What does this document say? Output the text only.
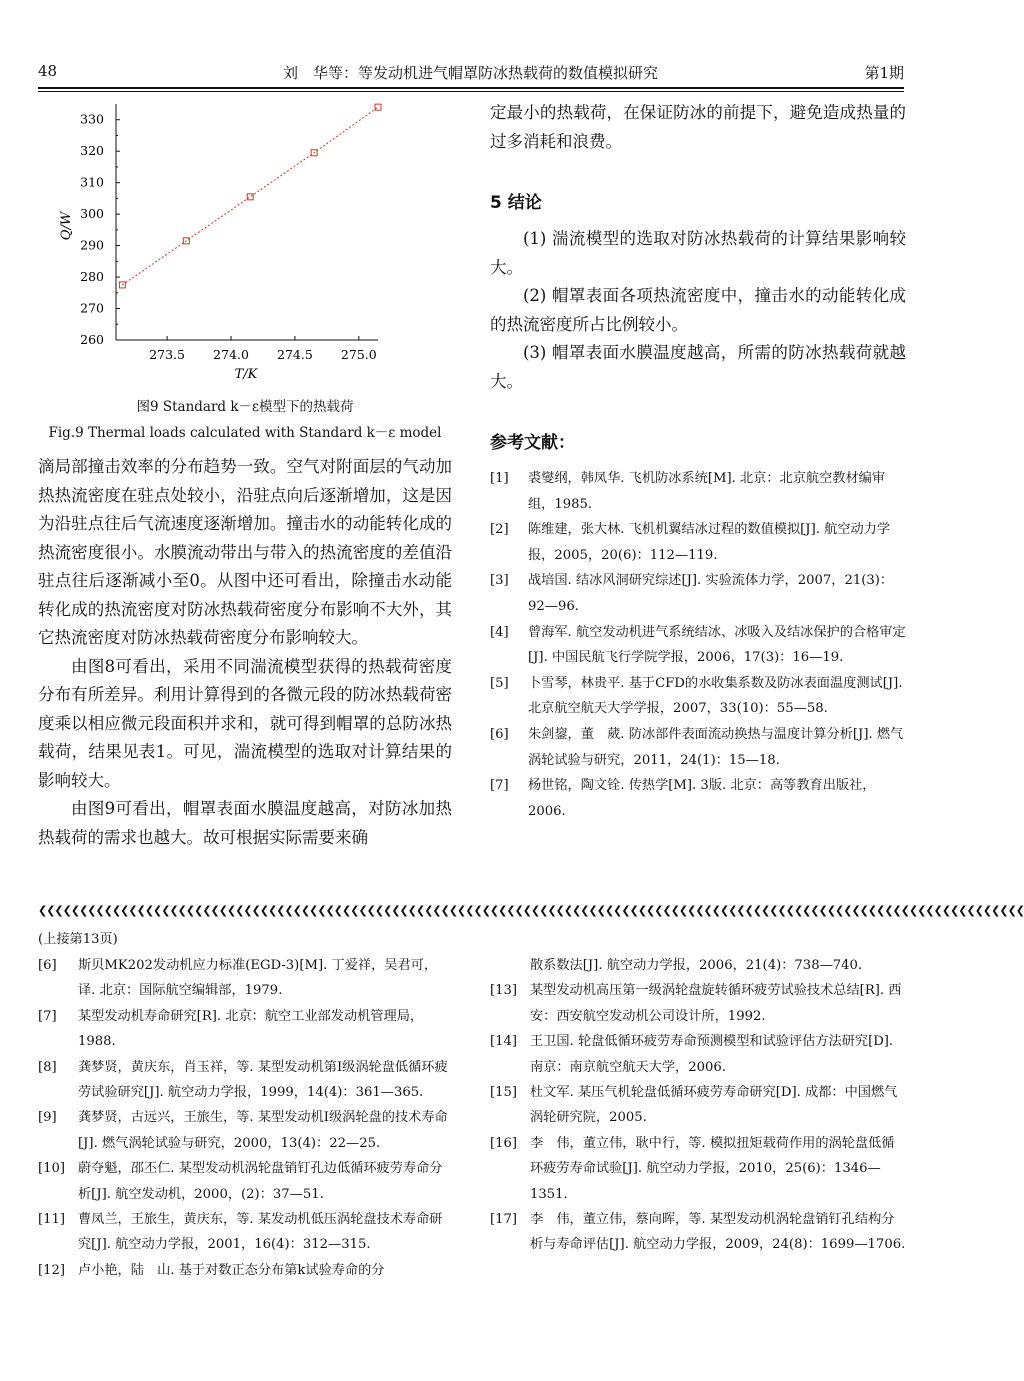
48	刘　华等：等发动机进气帽罩防冰热载荷的数值模拟研究	第1期
260
270
280
290
300
310
320
330
273.5 274.0 274.5 275.0
Q/W
T/K
图9 Standard k－ε模型下的热载荷
Fig.9 Thermal loads calculated with Standard k－ε model

滴局部撞击效率的分布趋势一致。空气对附面层的气动加热热流密度在驻点处较小，沿驻点向后逐渐增加，这是因为沿驻点往后气流速度逐渐增加。撞击水的动能转化成的热流密度很小。水膜流动带出与带入的热流密度的差值沿驻点往后逐渐减小至0。从图中还可看出，除撞击水动能转化成的热流密度对防冰热载荷密度分布影响不大外，其它热流密度对防冰热载荷密度分布影响较大。

由图8可看出，采用不同湍流模型获得的热载荷密度分布有所差异。利用计算得到的各微元段的防冰热载荷密度乘以相应微元段面积并求和，就可得到帽罩的总防冰热载荷，结果见表1。可见，湍流模型的选取对计算结果的影响较大。

由图9可看出，帽罩表面水膜温度越高，对防冰加热热载荷的需求也越大。故可根据实际需要来确

定最小的热载荷，在保证防冰的前提下，避免造成热量的过多消耗和浪费。

5 结论

(1) 湍流模型的选取对防冰热载荷的计算结果影响较大。

(2) 帽罩表面各项热流密度中，撞击水的动能转化成的热流密度所占比例较小。

(3) 帽罩表面水膜温度越高，所需的防冰热载荷就越大。

参考文献：
[1]	裘燮纲，韩凤华. 飞机防冰系统[M]. 北京：北京航空教材编审组，1985.
[2]	陈维建，张大林. 飞机机翼结冰过程的数值模拟[J]. 航空动力学报，2005，20(6)：112—119.
[3]	战培国. 结冰风洞研究综述[J]. 实验流体力学，2007，21(3)：92—96.
[4]	曾海军. 航空发动机进气系统结冰、冰吸入及结冰保护的合格审定[J]. 中国民航飞行学院学报，2006，17(3)：16—19.
[5]	卜雪琴，林贵平. 基于CFD的水收集系数及防冰表面温度测试[J]. 北京航空航天大学学报，2007，33(10)：55—58.
[6]	朱剑鋆，董　葳. 防冰部件表面流动换热与温度计算分析[J]. 燃气涡轮试验与研究，2011，24(1)：15—18.
[7]	杨世铭，陶文铨. 传热学[M]. 3版. 北京：高等教育出版社，2006.
❮❮❮❮❮❮❮❮❮❮❮❮❮❮❮❮❮❮❮❮❮❮❮❮❮❮❮❮❮❮❮❮❮❮❮❮❮❮❮❮❮❮❮❮❮❮❮❮❮❮❮❮❮❮❮❮❮❮❮❮❮❮❮❮❮❮❮❮❮❮❮❮❮❮❮❮❮❮❮❮❮❮❮❮❮❮❮❮❮❮❮❮❮❮❮❮❮❮❮❮❮❮❮❮❮❮❮❮❮❮❮❮❮❮❮❮❮❮❮❮
(上接第13页)
[6]	斯贝MK202发动机应力标准(EGD-3)[M]. 丁爱祥，吴君可，译. 北京：国际航空编辑部，1979.
[7]	某型发动机寿命研究[R]. 北京：航空工业部发动机管理局，1988.
[8]	龚梦贤，黄庆东，肖玉祥，等. 某型发动机第Ⅰ级涡轮盘低循环疲劳试验研究[J]. 航空动力学报，1999，14(4)：361—365.
[9]	龚梦贤，古远兴，王旅生，等. 某型发动机Ⅰ级涡轮盘的技术寿命[J]. 燃气涡轮试验与研究，2000，13(4)：22—25.
[10] 蔚夺魁，邵丕仁. 某型发动机涡轮盘销钉孔边低循环疲劳寿命分析[J]. 航空发动机，2000，(2)：37—51.
[11] 曹凤兰，王旅生，黄庆东，等. 某发动机低压涡轮盘技术寿命研究[J]. 航空动力学报，2001，16(4)：312—315.
[12] 卢小艳，陆　山. 基于对数正态分布第k试验寿命的分
散系数法[J]. 航空动力学报，2006，21(4)：738—740.
[13] 某型发动机高压第一级涡轮盘旋转循环疲劳试验技术总结[R]. 西安：西安航空发动机公司设计所，1992.
[14] 王卫国. 轮盘低循环疲劳寿命预测模型和试验评估方法研究[D]. 南京：南京航空航天大学，2006.
[15] 杜文军. 某压气机轮盘低循环疲劳寿命研究[D]. 成都：中国燃气涡轮研究院，2005.
[16] 李　伟，董立伟，耿中行，等. 模拟扭矩载荷作用的涡轮盘低循环疲劳寿命试验[J]. 航空动力学报，2010，25(6)：1346—1351.
[17] 李　伟，董立伟，蔡向晖，等. 某型发动机涡轮盘销钉孔结构分析与寿命评估[J]. 航空动力学报，2009，24(8)：1699—1706.
